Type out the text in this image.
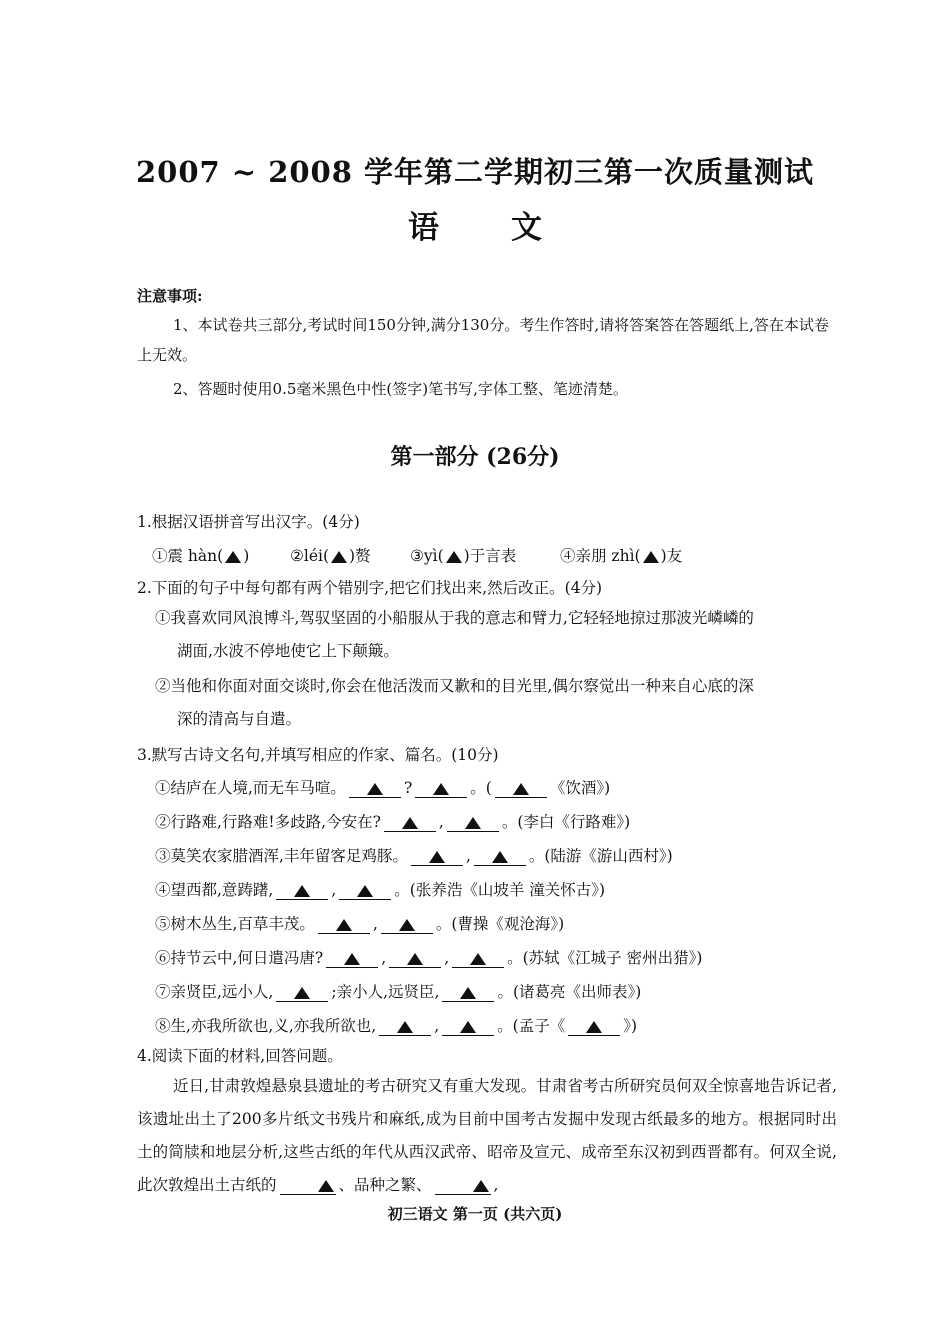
2007 ~ 2008 学年第二学期初三第一次质量测试
语 文
注意事项:
1、本试卷共三部分,考试时间150分钟,满分130分。考生作答时,请将答案答在答题纸上,答在本试卷上无效。
2、答题时使用0.5毫米黑色中性(签字)笔书写,字体工整、笔迹清楚。
第一部分 (26分)
1.根据汉语拼音写出汉字。(4分)
①震 hàn( )	②léi( )赘	③yì( )于言表	④亲朋 zhì( )友
2.下面的句子中每句都有两个错别字,把它们找出来,然后改正。(4分)
①我喜欢同风浪博斗,驾驭坚固的小船服从于我的意志和臂力,它轻轻地掠过那波光嶙嶙的
湖面,水波不停地使它上下颠簸。
②当他和你面对面交谈时,你会在他活泼而又歉和的目光里,偶尔察觉出一种来自心底的深
深的清高与自遣。
3.默写古诗文名句,并填写相应的作家、篇名。(10分)
①结庐在人境,而无车马喧。	?	。(	《饮酒》)
②行路难,行路难!多歧路,今安在?	,	。(李白《行路难》)
③莫笑农家腊酒浑,丰年留客足鸡豚。	,	。(陆游《游山西村》)
④望西都,意踌躇,	,	。(张养浩《山坡羊 潼关怀古》)
⑤树木丛生,百草丰茂。	,	。(曹操《观沧海》)
⑥持节云中,何日遣冯唐?	,	,	。(苏轼《江城子 密州出猎》)
⑦亲贤臣,远小人,	;亲小人,远贤臣,	。(诸葛亮《出师表》)
⑧生,亦我所欲也,义,亦我所欲也,	,	。(孟子《	》)
4.阅读下面的材料,回答问题。
近日,甘肃敦煌悬泉县遗址的考古研究又有重大发现。甘肃省考古所研究员何双全惊喜地告诉记者,该遗址出土了200多片纸文书残片和麻纸,成为目前中国考古发掘中发现古纸最多的地方。根据同时出土的简牍和地层分析,这些古纸的年代从西汉武帝、昭帝及宣元、成帝至东汉初到西晋都有。何双全说,此次敦煌出土古纸的	、品种之繁、	,
初三语文 第一页 (共六页)
